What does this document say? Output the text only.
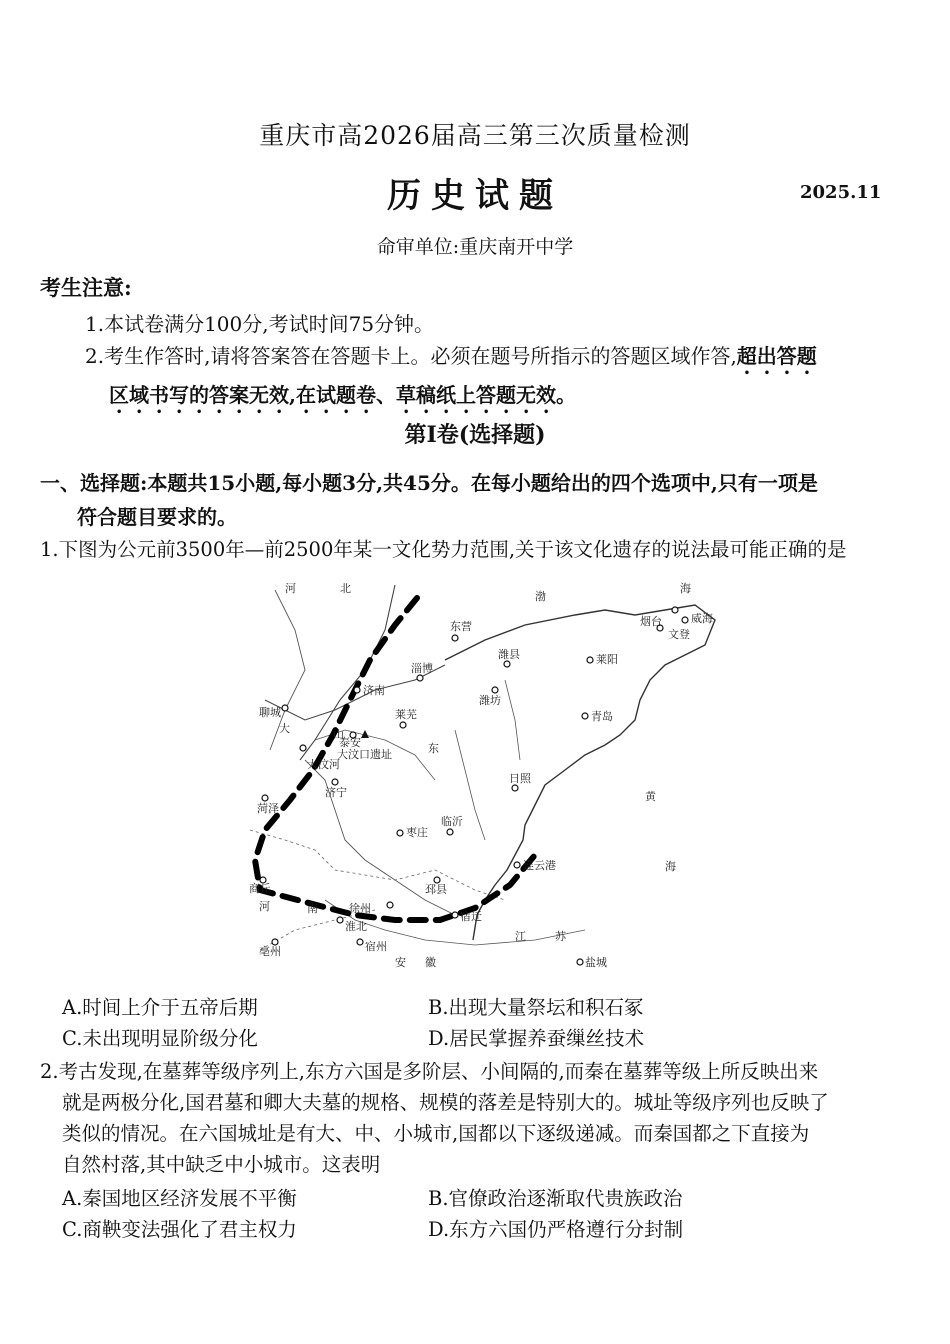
重庆市高2026届高三第三次质量检测
历史试题	2025.11
命审单位:重庆南开中学
考生注意:
1.本试卷满分100分,考试时间75分钟。
2.考生作答时,请将答案答在答题卡上。必须在题号所指示的答题区域作答,超出答题
区域书写的答案无效,在试题卷、草稿纸上答题无效。
第Ⅰ卷(选择题)
一、选择题:本题共15小题,每小题3分,共45分。在每小题给出的四个选项中,只有一项是
符合题目要求的。
1.下图为公元前3500年—前2500年某一文化势力范围,关于该文化遗存的说法最可能正确的是
河	北
渤
海
烟台	威海
文登
莱阳
东营
潍县
淄博
潍坊
济南
聊城
泰安
莱芜
大汶口遗址
大汶河
济宁
菏泽
枣庄
临沂
日照
青岛
连云港
邳县
徐州
宿迁
商丘
淮北
宿州
亳州
盐城
江	苏
安 徽
河	南
黄
海
东
山
大
A.时间上介于五帝后期	B.出现大量祭坛和积石冢
C.未出现明显阶级分化	D.居民掌握养蚕缫丝技术
2.考古发现,在墓葬等级序列上,东方六国是多阶层、小间隔的,而秦在墓葬等级上所反映出来
就是两极分化,国君墓和卿大夫墓的规格、规模的落差是特别大的。城址等级序列也反映了
类似的情况。在六国城址是有大、中、小城市,国都以下逐级递减。而秦国都之下直接为
自然村落,其中缺乏中小城市。这表明
A.秦国地区经济发展不平衡	B.官僚政治逐渐取代贵族政治
C.商鞅变法强化了君主权力	D.东方六国仍严格遵行分封制
